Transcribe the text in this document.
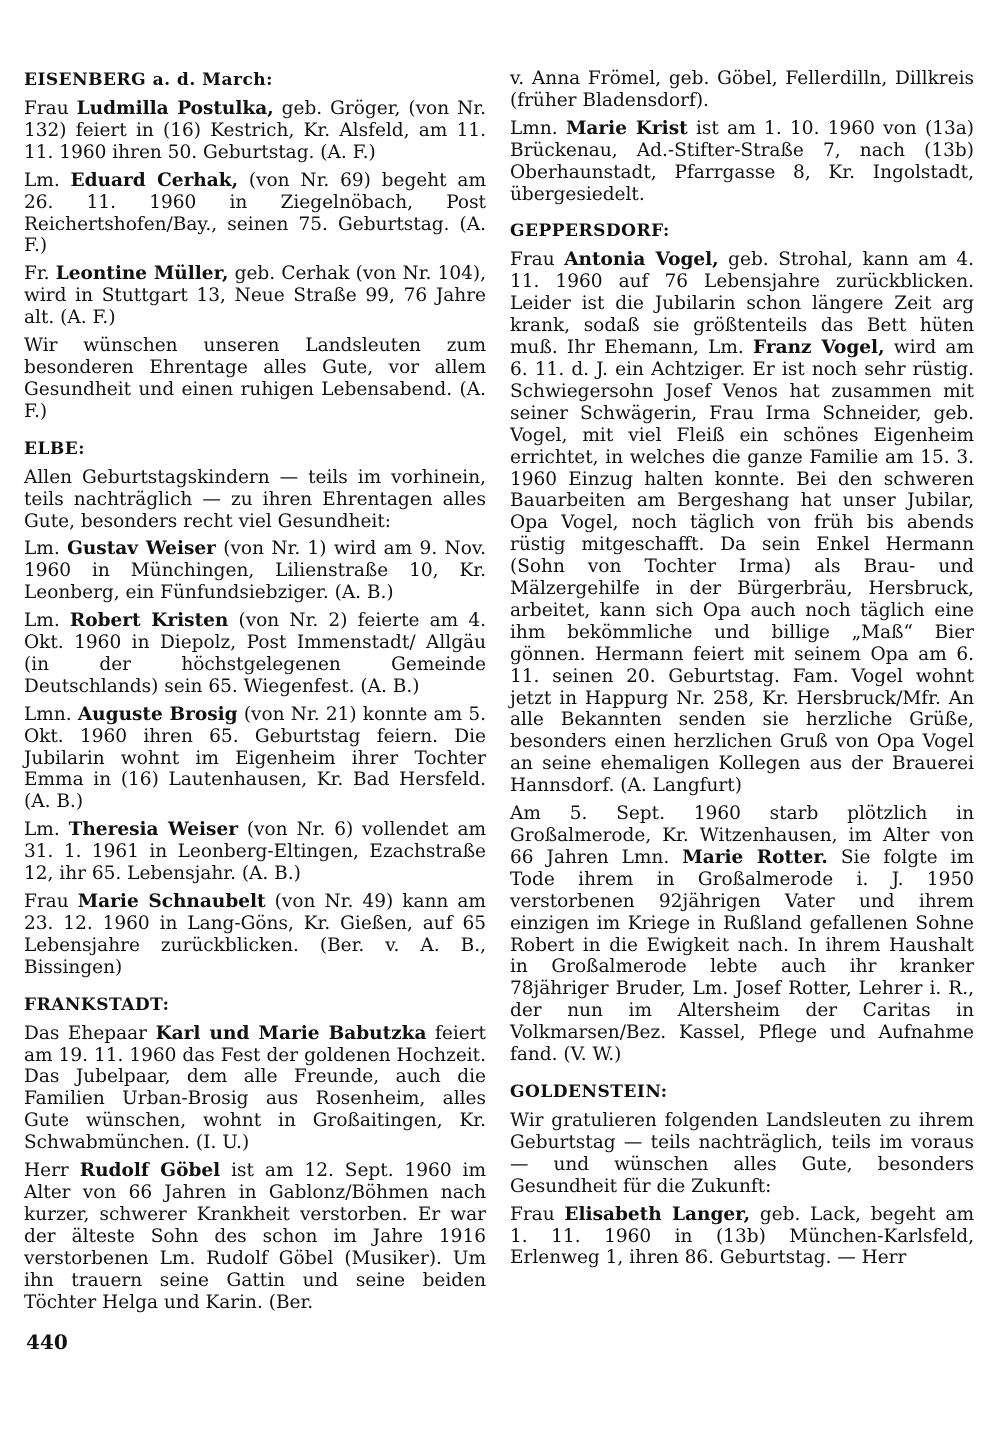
EISENBERG a. d. March:

Frau Ludmilla Postulka, geb. Gröger, (von Nr. 132) feiert in (16) Kestrich, Kr. Alsfeld, am 11. 11. 1960 ihren 50. Geburtstag. (A. F.)

Lm. Eduard Cerhak, (von Nr. 69) begeht am 26. 11. 1960 in Ziegelnöbach, Post Reichertshofen/Bay., seinen 75. Geburtstag. (A. F.)

Fr. Leontine Müller, geb. Cerhak (von Nr. 104), wird in Stuttgart 13, Neue Straße 99, 76 Jahre alt. (A. F.)

Wir wünschen unseren Landsleuten zum besonderen Ehrentage alles Gute, vor allem Gesundheit und einen ruhigen Lebensabend. (A. F.)

ELBE:

Allen Geburtstagskindern — teils im vorhinein, teils nachträglich — zu ihren Ehrentagen alles Gute, besonders recht viel Gesundheit:

Lm. Gustav Weiser (von Nr. 1) wird am 9. Nov. 1960 in Münchingen, Lilienstraße 10, Kr. Leonberg, ein Fünfundsiebziger. (A. B.)

Lm. Robert Kristen (von Nr. 2) feierte am 4. Okt. 1960 in Diepolz, Post Immenstadt/ Allgäu (in der höchstgelegenen Gemeinde Deutschlands) sein 65. Wiegenfest. (A. B.)

Lmn. Auguste Brosig (von Nr. 21) konnte am 5. Okt. 1960 ihren 65. Geburtstag feiern. Die Jubilarin wohnt im Eigenheim ihrer Tochter Emma in (16) Lautenhausen, Kr. Bad Hersfeld. (A. B.)

Lm. Theresia Weiser (von Nr. 6) vollendet am 31. 1. 1961 in Leonberg-Eltingen, Ezachstraße 12, ihr 65. Lebensjahr. (A. B.)

Frau Marie Schnaubelt (von Nr. 49) kann am 23. 12. 1960 in Lang-Göns, Kr. Gießen, auf 65 Lebensjahre zurückblicken. (Ber. v. A. B., Bissingen)

FRANKSTADT:

Das Ehepaar Karl und Marie Babutzka feiert am 19. 11. 1960 das Fest der goldenen Hochzeit. Das Jubelpaar, dem alle Freunde, auch die Familien Urban-Brosig aus Rosenheim, alles Gute wünschen, wohnt in Großaitingen, Kr. Schwabmünchen. (I. U.)

Herr Rudolf Göbel ist am 12. Sept. 1960 im Alter von 66 Jahren in Gablonz/Böhmen nach kurzer, schwerer Krankheit verstorben. Er war der älteste Sohn des schon im Jahre 1916 verstorbenen Lm. Rudolf Göbel (Musiker). Um ihn trauern seine Gattin und seine beiden Töchter Helga und Karin. (Ber.

v. Anna Frömel, geb. Göbel, Fellerdilln, Dillkreis (früher Bladensdorf).

Lmn. Marie Krist ist am 1. 10. 1960 von (13a) Brückenau, Ad.-Stifter-Straße 7, nach (13b) Oberhaunstadt, Pfarrgasse 8, Kr. Ingolstadt, übergesiedelt.

GEPPERSDORF:

Frau Antonia Vogel, geb. Strohal, kann am 4. 11. 1960 auf 76 Lebensjahre zurückblicken. Leider ist die Jubilarin schon längere Zeit arg krank, sodaß sie größtenteils das Bett hüten muß. Ihr Ehemann, Lm. Franz Vogel, wird am 6. 11. d. J. ein Achtziger. Er ist noch sehr rüstig. Schwiegersohn Josef Venos hat zusammen mit seiner Schwägerin, Frau Irma Schneider, geb. Vogel, mit viel Fleiß ein schönes Eigenheim errichtet, in welches die ganze Familie am 15. 3. 1960 Einzug halten konnte. Bei den schweren Bauarbeiten am Bergeshang hat unser Jubilar, Opa Vogel, noch täglich von früh bis abends rüstig mitgeschafft. Da sein Enkel Hermann (Sohn von Tochter Irma) als Brau- und Mälzergehilfe in der Bürgerbräu, Hersbruck, arbeitet, kann sich Opa auch noch täglich eine ihm bekömmliche und billige „Maß“ Bier gönnen. Hermann feiert mit seinem Opa am 6. 11. seinen 20. Geburtstag. Fam. Vogel wohnt jetzt in Happurg Nr. 258, Kr. Hersbruck/Mfr. An alle Bekannten senden sie herzliche Grüße, besonders einen herzlichen Gruß von Opa Vogel an seine ehemaligen Kollegen aus der Brauerei Hannsdorf. (A. Langfurt)

Am 5. Sept. 1960 starb plötzlich in Großalmerode, Kr. Witzenhausen, im Alter von 66 Jahren Lmn. Marie Rotter. Sie folgte im Tode ihrem in Großalmerode i. J. 1950 verstorbenen 92jährigen Vater und ihrem einzigen im Kriege in Rußland gefallenen Sohne Robert in die Ewigkeit nach. In ihrem Haushalt in Großalmerode lebte auch ihr kranker 78jähriger Bruder, Lm. Josef Rotter, Lehrer i. R., der nun im Altersheim der Caritas in Volkmarsen/Bez. Kassel, Pflege und Aufnahme fand. (V. W.)

GOLDENSTEIN:

Wir gratulieren folgenden Landsleuten zu ihrem Geburtstag — teils nachträglich, teils im voraus — und wünschen alles Gute, besonders Gesundheit für die Zukunft:

Frau Elisabeth Langer, geb. Lack, begeht am 1. 11. 1960 in (13b) München-Karlsfeld, Erlenweg 1, ihren 86. Geburtstag. — Herr

440
